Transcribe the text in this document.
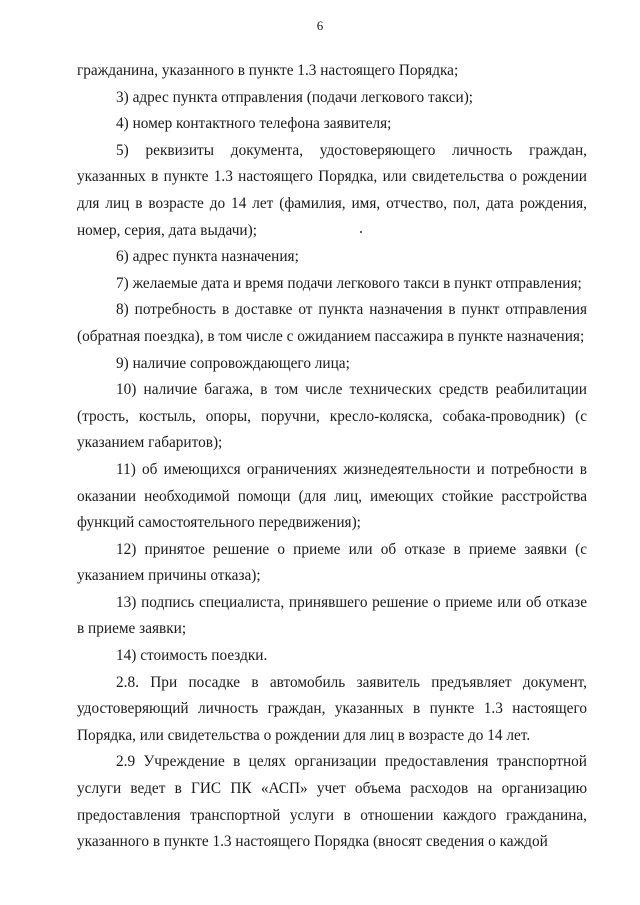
6

гражданина, указанного в пункте 1.3 настоящего Порядка;

3) адрес пункта отправления (подачи легкового такси);

4) номер контактного телефона заявителя;

5) реквизиты документа, удостоверяющего личность граждан, указанных в пункте 1.3 настоящего Порядка, или свидетельства о рождении для лиц в возрасте до 14 лет (фамилия, имя, отчество, пол, дата рождения, номер, серия, дата выдачи);

6) адрес пункта назначения;

7) желаемые дата и время подачи легкового такси в пункт отправления;

8) потребность в доставке от пункта назначения в пункт отправления (обратная поездка), в том числе с ожиданием пассажира в пункте назначения;

9) наличие сопровождающего лица;

10) наличие багажа, в том числе технических средств реабилитации (трость, костыль, опоры, поручни, кресло-коляска, собака-проводник) (с указанием габаритов);

11) об имеющихся ограничениях жизнедеятельности и потребности в оказании необходимой помощи (для лиц, имеющих стойкие расстройства функций самостоятельного передвижения);

12) принятое решение о приеме или об отказе в приеме заявки (с указанием причины отказа);

13) подпись специалиста, принявшего решение о приеме или об отказе в приеме заявки;

14) стоимость поездки.

2.8. При посадке в автомобиль заявитель предъявляет документ, удостоверяющий личность граждан, указанных в пункте 1.3 настоящего Порядка, или свидетельства о рождении для лиц в возрасте до 14 лет.

2.9 Учреждение в целях организации предоставления транспортной услуги ведет в ГИС ПК «АСП» учет объема расходов на организацию предоставления транспортной услуги в отношении каждого гражданина, указанного в пункте 1.3 настоящего Порядка (вносят сведения о каждой
